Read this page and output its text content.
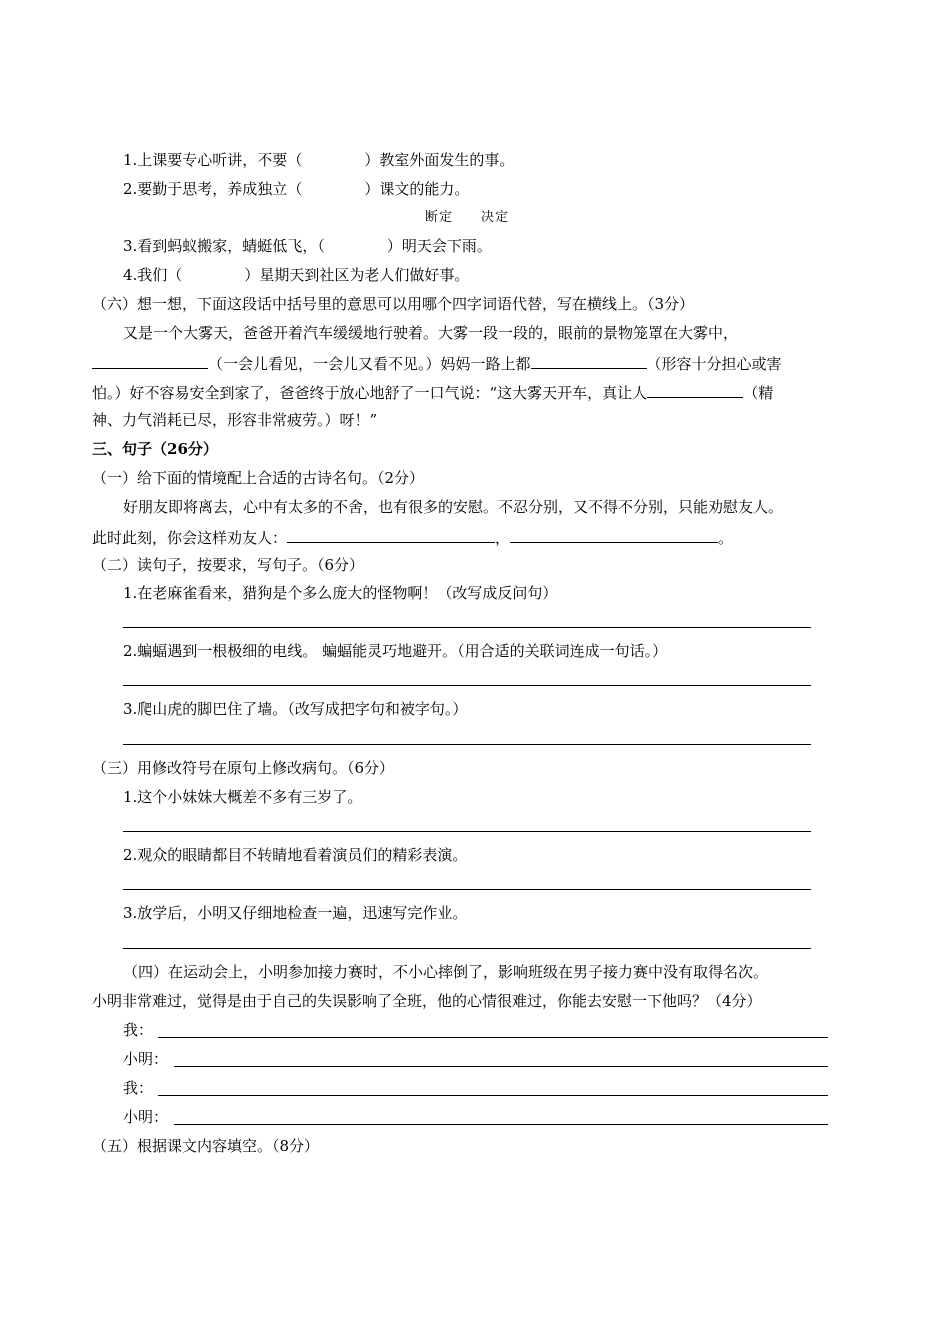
1.上课要专心听讲，不要（	）教室外面发生的事。
2.要勤于思考，养成独立（	）课文的能力。
断定 决定
3.看到蚂蚁搬家，蜻蜓低飞，（	）明天会下雨。
4.我们（	）星期天到社区为老人们做好事。
（六）想一想，下面这段话中括号里的意思可以用哪个四字词语代替，写在横线上。（3分）
又是一个大雾天，爸爸开着汽车缓缓地行驶着。大雾一段一段的，眼前的景物笼罩在大雾中，
（一会儿看见，一会儿又看不见。）妈妈一路上都	（形容十分担心或害
怕。）好不容易安全到家了，爸爸终于放心地舒了一口气说：“这大雾天开车，真让人	（精
神、力气消耗已尽，形容非常疲劳。）呀！”
三、句子（26分）
（一）给下面的情境配上合适的古诗名句。（2分）
好朋友即将离去，心中有太多的不舍，也有很多的安慰。不忍分别，又不得不分别，只能劝慰友人。
此时此刻，你会这样劝友人：	，	。
（二）读句子，按要求，写句子。（6分）
1.在老麻雀看来，猎狗是个多么庞大的怪物啊！（改写成反问句）
2.蝙蝠遇到一根极细的电线。 蝙蝠能灵巧地避开。（用合适的关联词连成一句话。）
3.爬山虎的脚巴住了墙。（改写成把字句和被字句。）
（三）用修改符号在原句上修改病句。（6分）
1.这个小妹妹大概差不多有三岁了。
2.观众的眼睛都目不转睛地看着演员们的精彩表演。
3.放学后，小明又仔细地检查一遍，迅速写完作业。
（四）在运动会上，小明参加接力赛时，不小心摔倒了，影响班级在男子接力赛中没有取得名次。
小明非常难过，觉得是由于自己的失误影响了全班，他的心情很难过，你能去安慰一下他吗？（4分）
我：
小明：
我：
小明：
（五）根据课文内容填空。（8分）
